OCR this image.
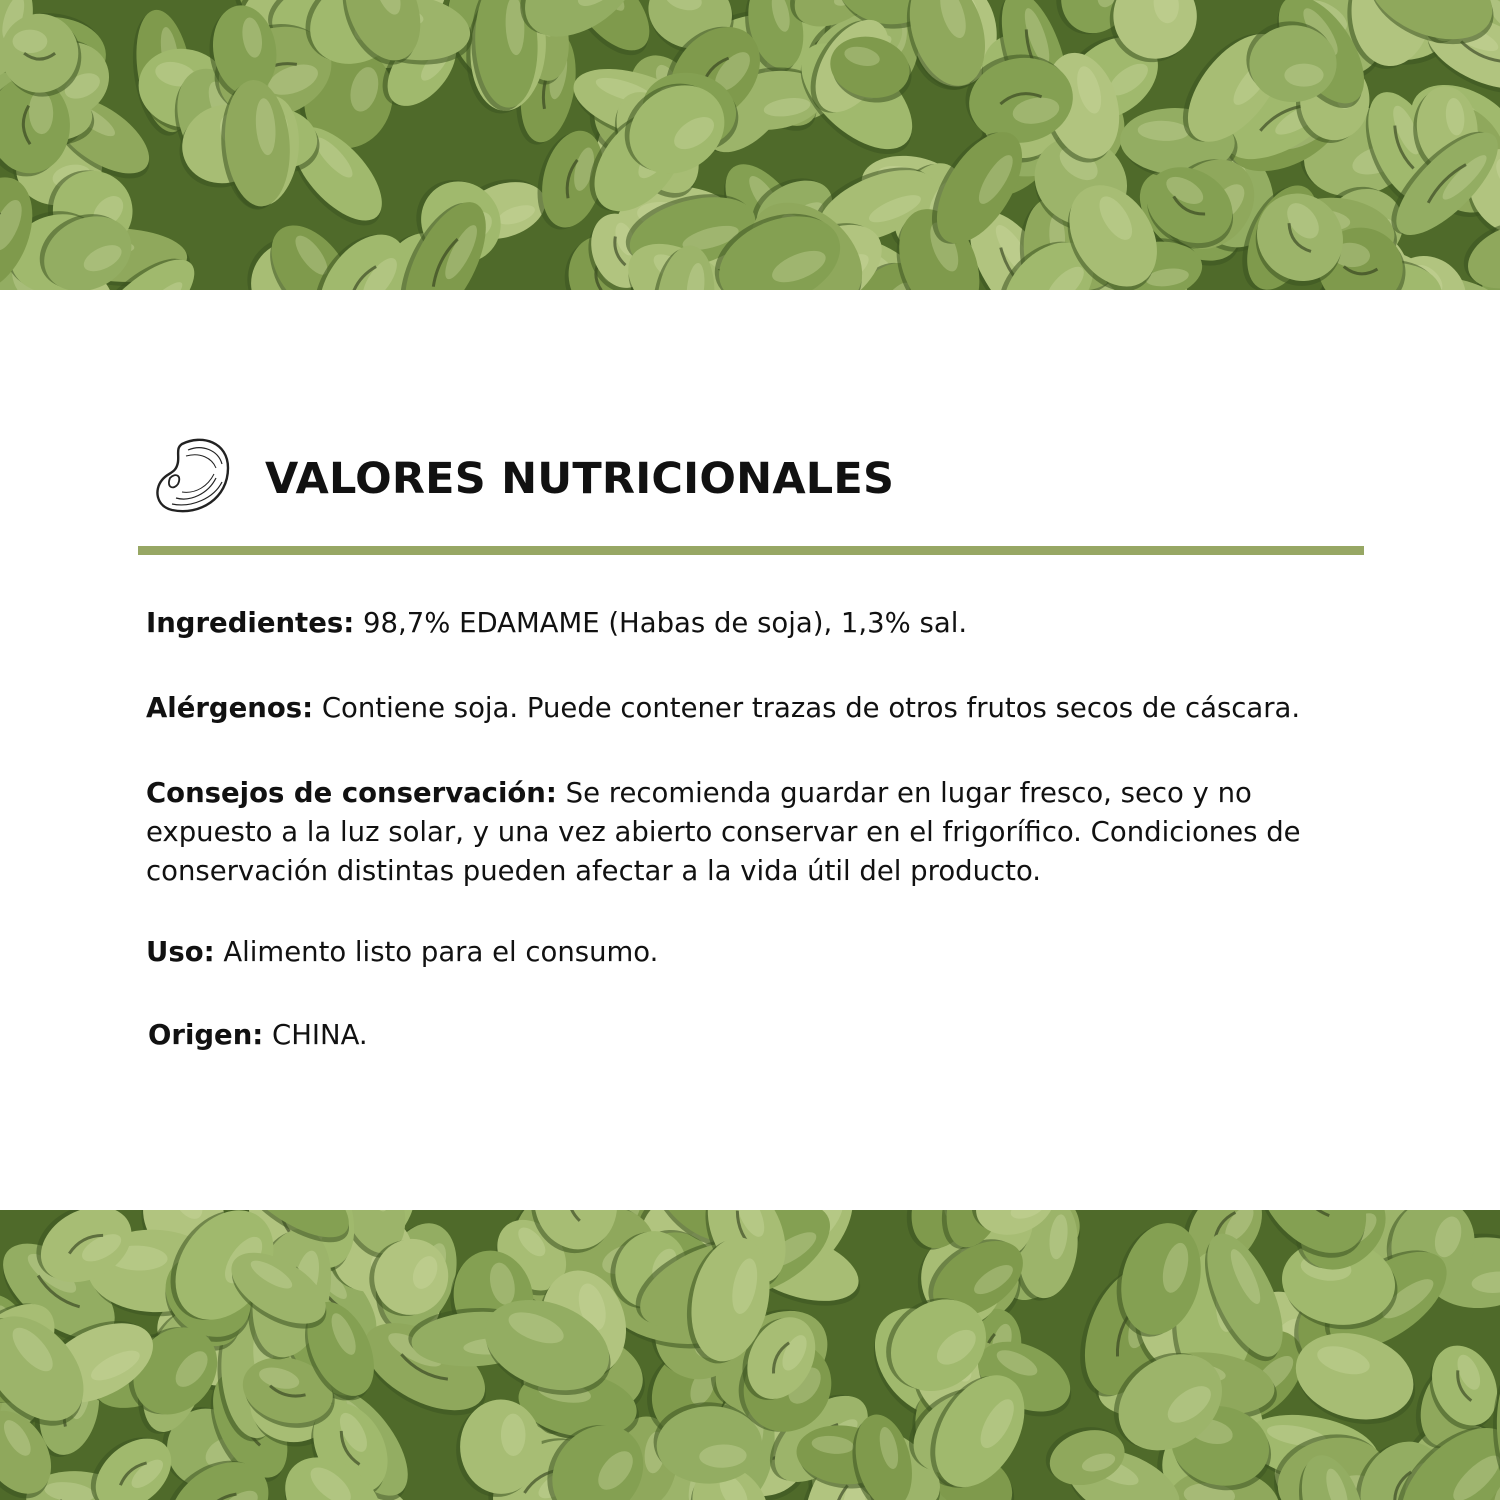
VALORES NUTRICIONALES
Ingredientes: 98,7% EDAMAME (Habas de soja), 1,3% sal.
Alérgenos: Contiene soja. Puede contener trazas de otros frutos secos de cáscara.
Consejos de conservación: Se recomienda guardar en lugar fresco, seco y no expuesto a la luz solar, y una vez abierto conservar en el frigorífico. Condiciones de conservación distintas pueden afectar a la vida útil del producto.
Uso: Alimento listo para el consumo.
Origen: CHINA.
